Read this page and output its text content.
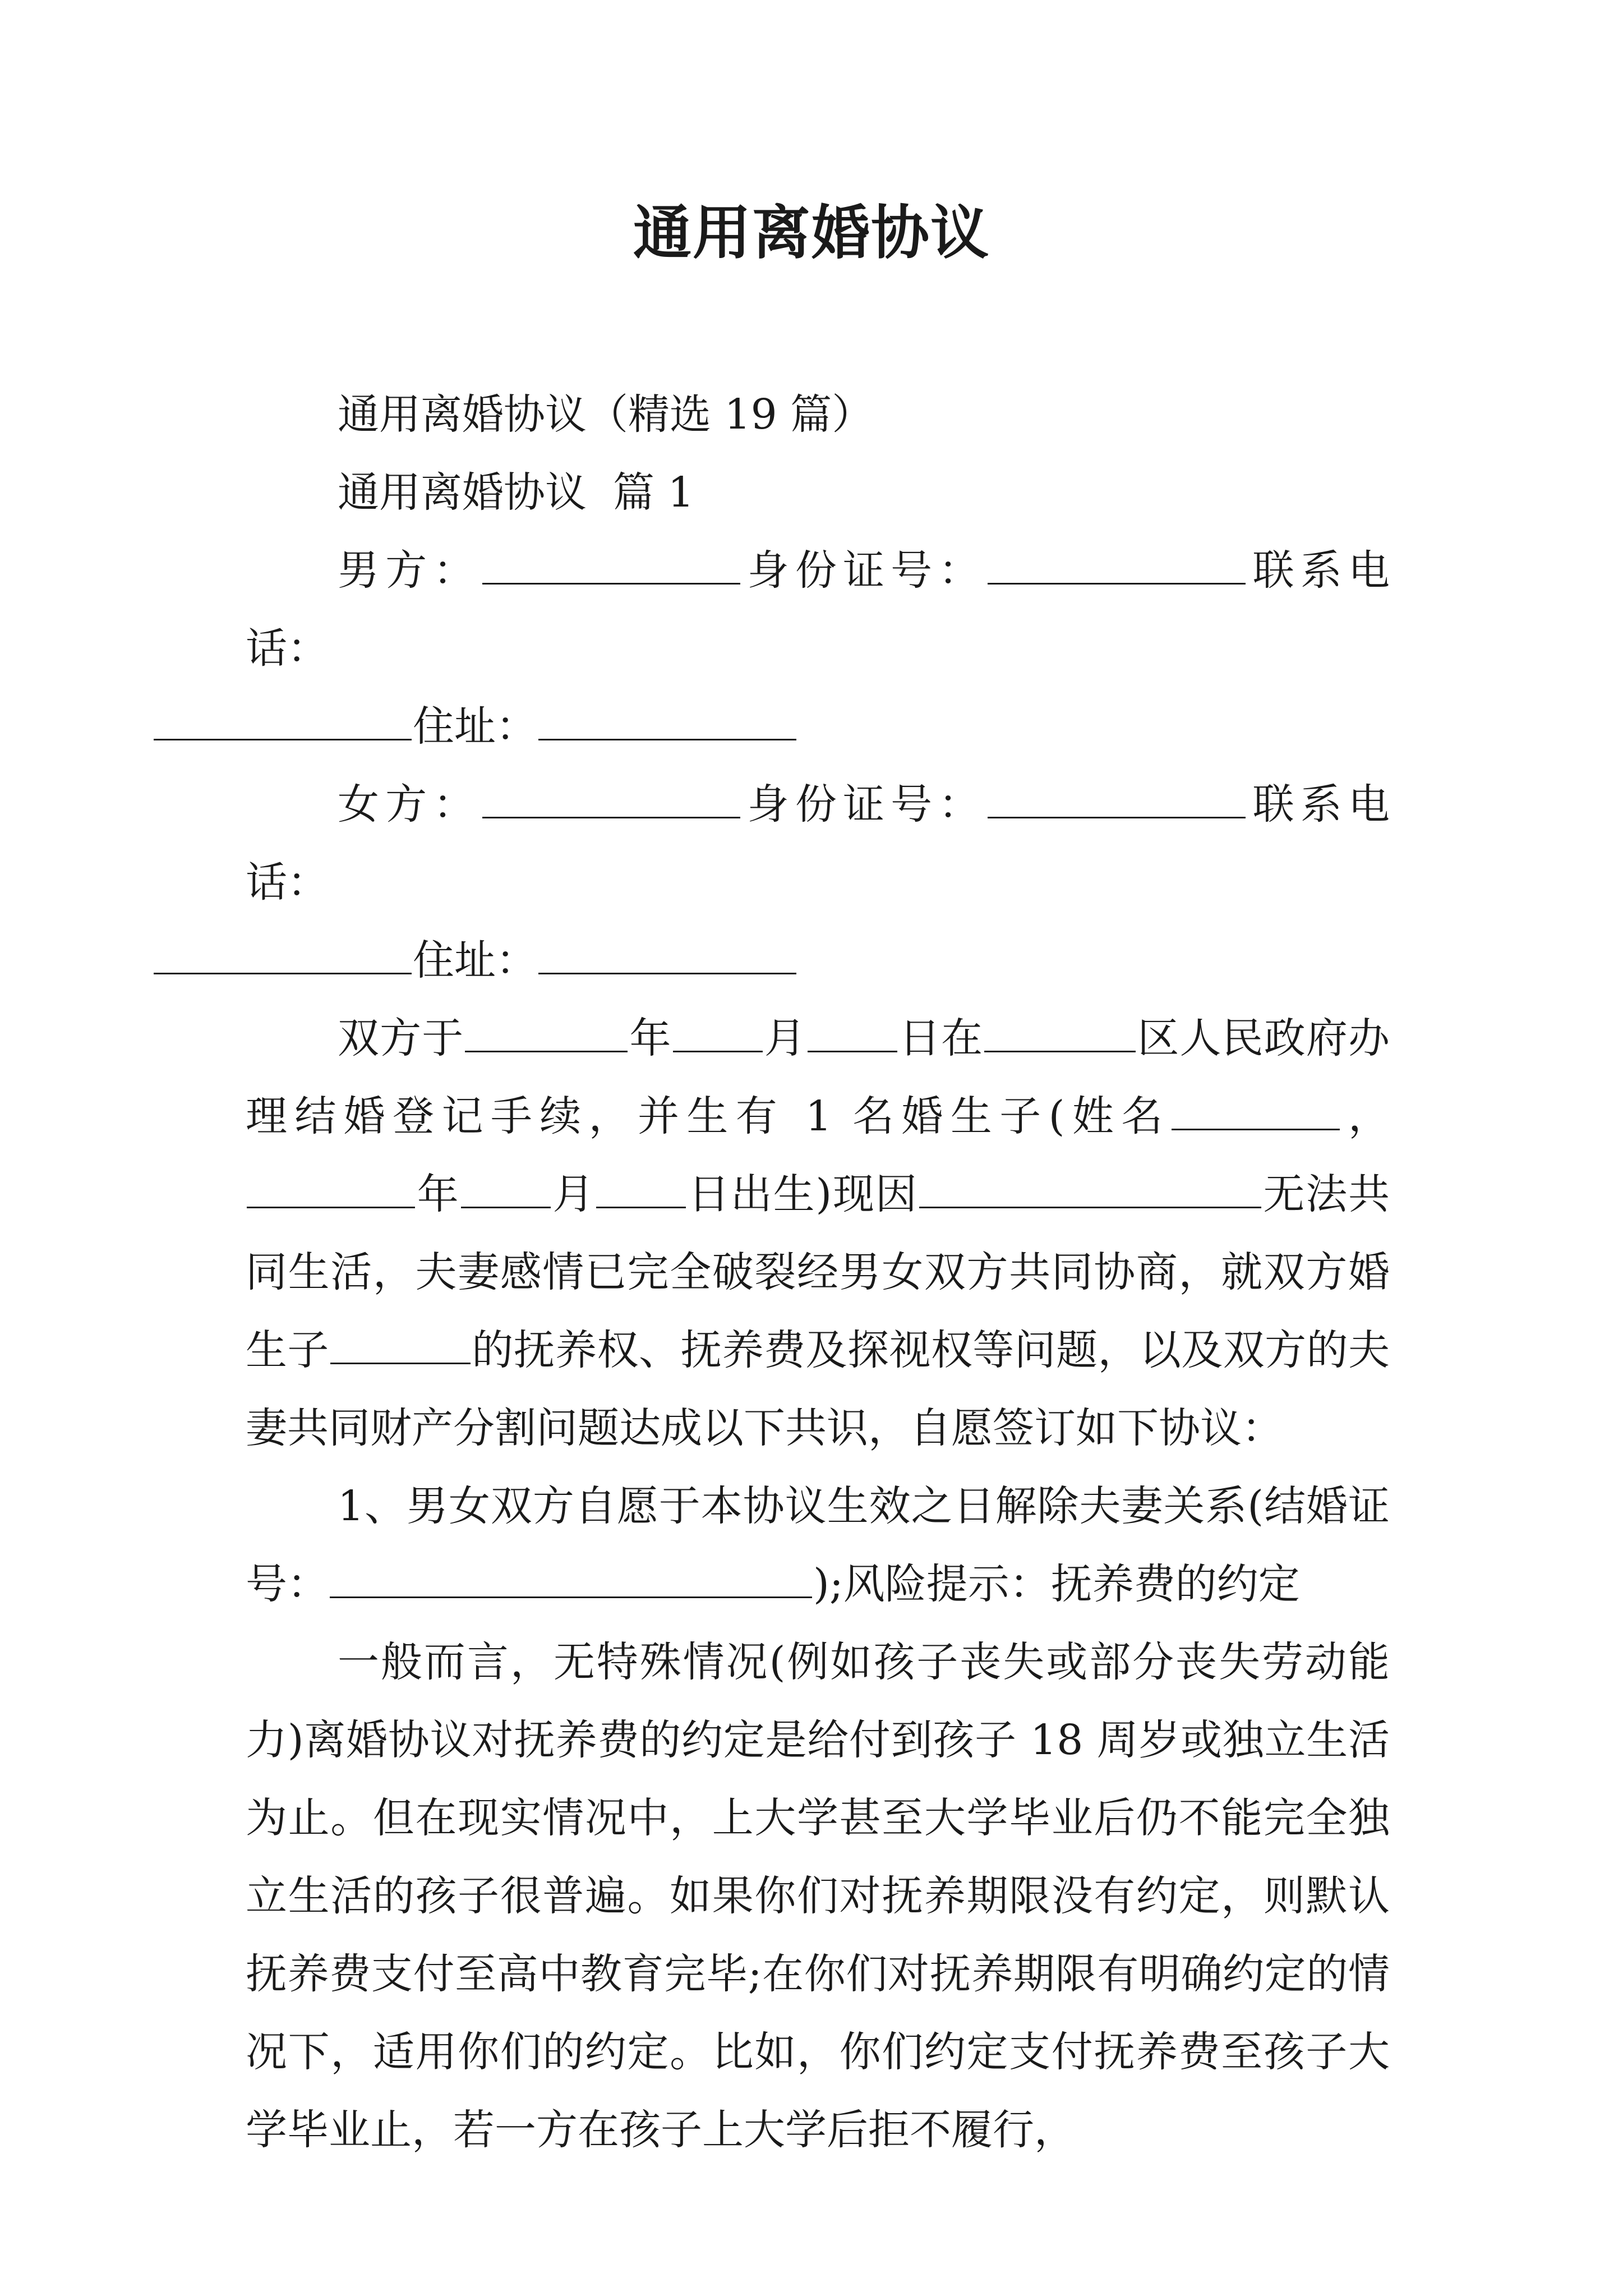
通用离婚协议

通用离婚协议（精选 19 篇）

通用离婚协议  篇 1

男方：	身份证号：	联系电话：
住址：

女方：	身份证号：	联系电话：
住址：

双方于	年 月 日在	区人民政府办理结婚登记手续，并生有 1 名婚生子(姓名	，年 月 日出生)现因	无法共同生活，夫妻感情已完全破裂经男女双方共同协商，就双方婚生子	的抚养权、抚养费及探视权等问题，以及双方的夫妻共同财产分割问题达成以下共识，自愿签订如下协议：

1、男女双方自愿于本协议生效之日解除夫妻关系(结婚证号：	);风险提示：抚养费的约定

一般而言，无特殊情况(例如孩子丧失或部分丧失劳动能力)离婚协议对抚养费的约定是给付到孩子 18 周岁或独立生活为止。但在现实情况中，上大学甚至大学毕业后仍不能完全独立生活的孩子很普遍。如果你们对抚养期限没有约定，则默认抚养费支付至高中教育完毕;在你们对抚养期限有明确约定的情况下，适用你们的约定。比如，你们约定支付抚养费至孩子大学毕业止，若一方在孩子上大学后拒不履行，
